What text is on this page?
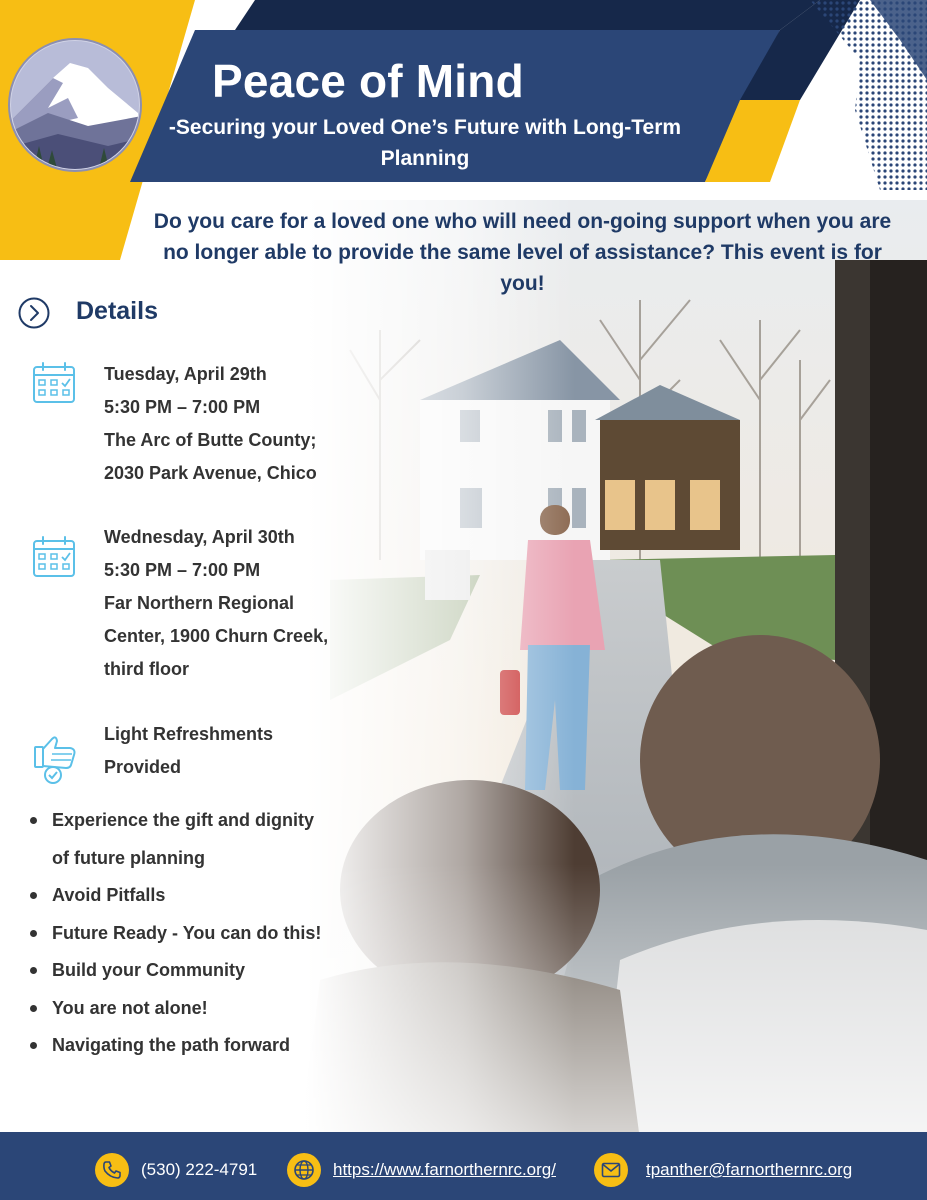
Peace of Mind
-Securing your Loved One’s Future with Long-Term Planning
Do you care for a loved one who will need on-going support when you are no longer able to provide the same level of assistance? This event is for you!
Details
Tuesday, April 29th
5:30 PM – 7:00 PM
The Arc of Butte County;
2030 Park Avenue, Chico
Wednesday, April 30th
5:30 PM – 7:00 PM
Far Northern Regional
Center, 1900 Churn Creek,
third floor
Light Refreshments
Provided
Experience the gift and dignity
of future planning
Avoid Pitfalls
Future Ready - You can do this!
Build your Community
You are not alone!
Navigating the path forward
(530) 222-4791	https://www.farnorthernrc.org/	tpanther@farnorthernrc.org
